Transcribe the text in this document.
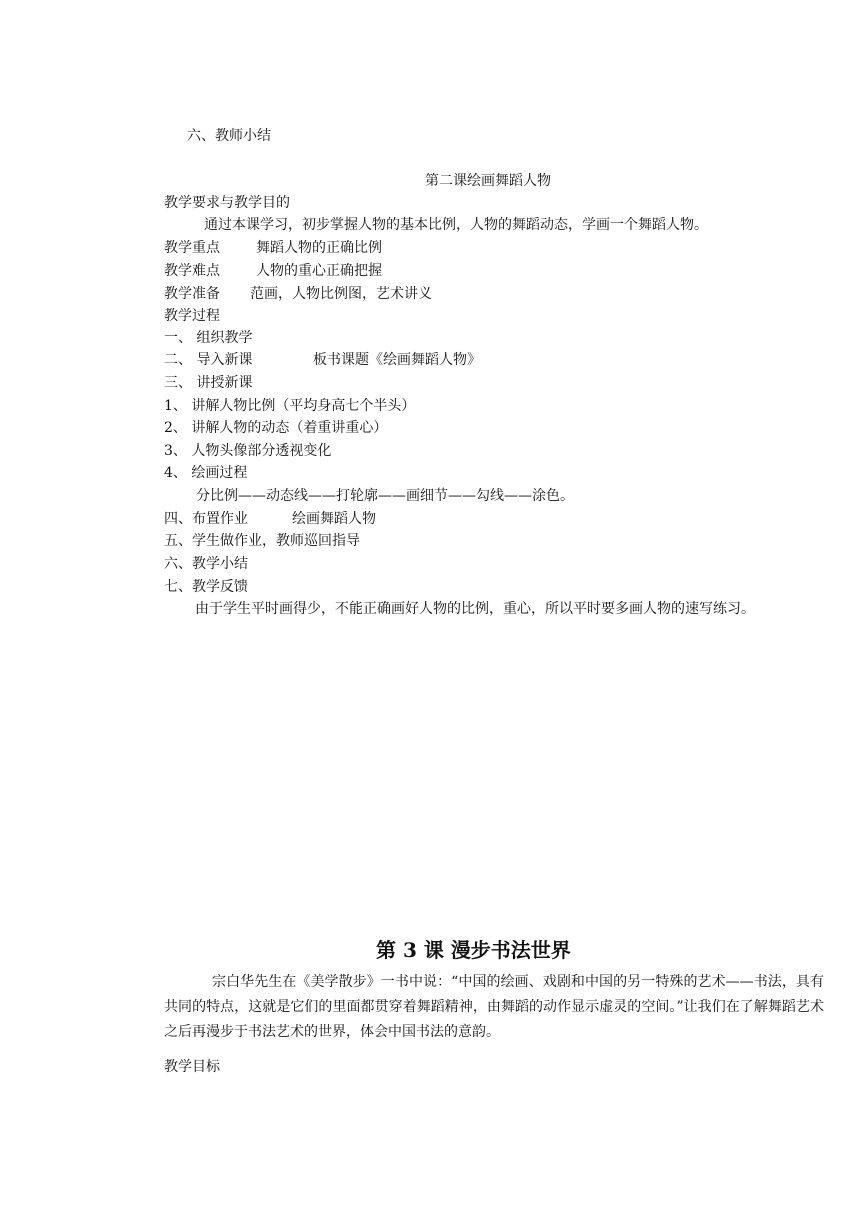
六、教师小结
第二课绘画舞蹈人物
教学要求与教学目的
通过本课学习，初步掌握人物的基本比例，人物的舞蹈动态，学画一个舞蹈人物。
教学重点	舞蹈人物的正确比例
教学难点	人物的重心正确把握
教学准备 范画，人物比例图，艺术讲义
教学过程
一、 组织教学
二、 导入新课	板书课题《绘画舞蹈人物》
三、 讲授新课
1、 讲解人物比例（平均身高七个半头）
2、 讲解人物的动态（着重讲重心）
3、 人物头像部分透视变化
4、 绘画过程
分比例——动态线——打轮廓——画细节——勾线——涂色。
四、布置作业	绘画舞蹈人物
五、学生做作业，教师巡回指导
六、教学小结
七、教学反馈
由于学生平时画得少，不能正确画好人物的比例，重心，所以平时要多画人物的速写练习。
第 3 课 漫步书法世界
宗白华先生在《美学散步》一书中说：“中国的绘画、戏剧和中国的另一特殊的艺术——书法，具有共同的特点，这就是它们的里面都贯穿着舞蹈精神，由舞蹈的动作显示虚灵的空间。”让我们在了解舞蹈艺术之后再漫步于书法艺术的世界，体会中国书法的意韵。
教学目标
